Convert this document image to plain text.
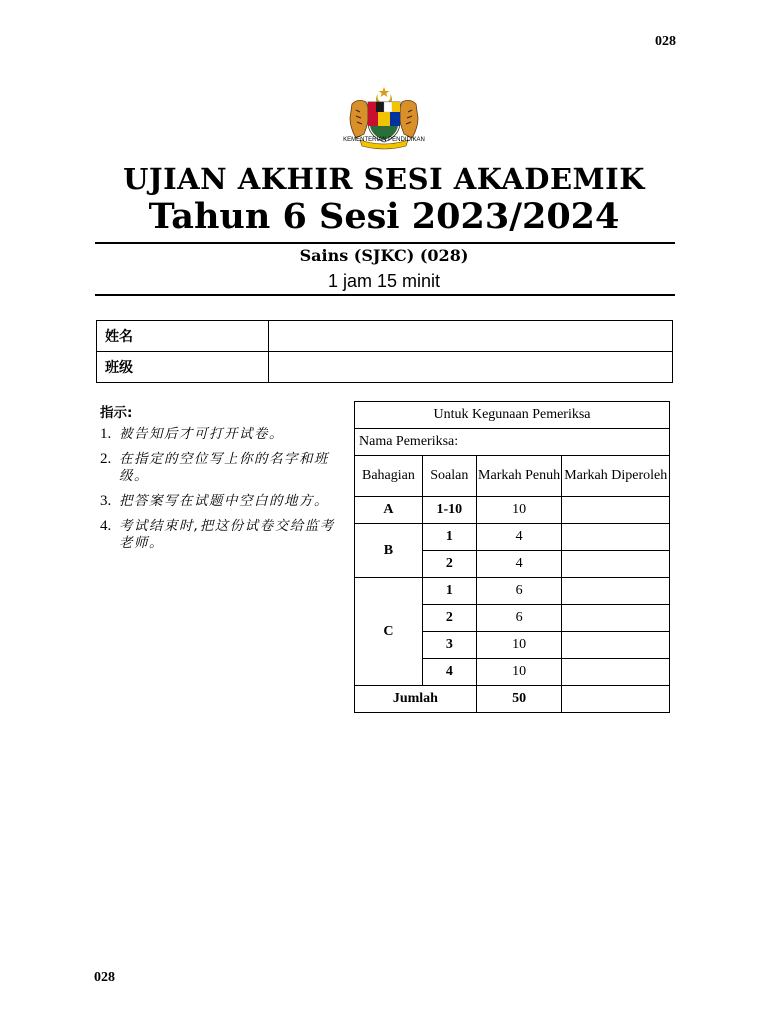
028
KEMENTERIAN PENDIDIKAN
UJIAN AKHIR SESI AKADEMIK
Tahun 6 Sesi 2023/2024
Sains (SJKC) (028)
1 jam 15 minit
姓名	
班级	
指示:
1. 被告知后才可打开试卷。
2. 在指定的空位写上你的名字和班级。
3. 把答案写在试题中空白的地方。
4. 考试结束时,把这份试卷交给监考老师。
Untuk Kegunaan Pemeriksa			
Nama Pemeriksa:			
Bahagian	Soalan	Markah Penuh	Markah Diperoleh
A	1-10	10	
B	1	4	
	2	4	
C	1	6	
	2	6	
	3	10	
	4	10	
Jumlah		50	
028
